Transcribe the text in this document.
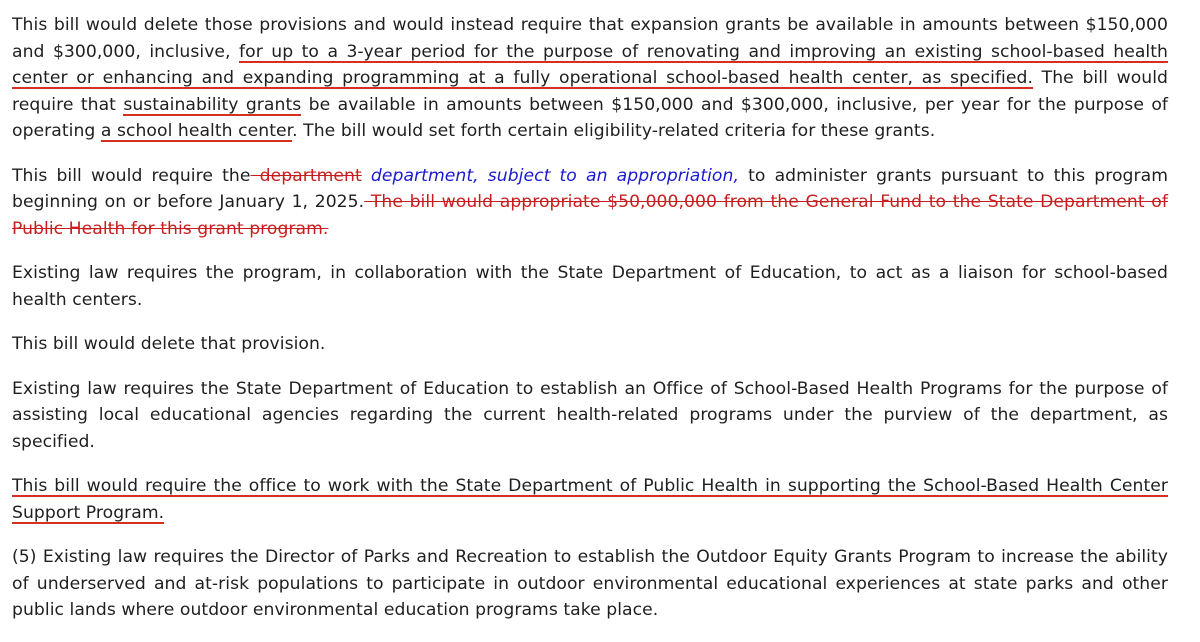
This bill would delete those provisions and would instead require that expansion grants be available in amounts between $150,000 and $300,000, inclusive, for up to a 3-year period for the purpose of renovating and improving an existing school-based health center or enhancing and expanding programming at a fully operational school-based health center, as specified. The bill would require that sustainability grants be available in amounts between $150,000 and $300,000, inclusive, per year for the purpose of operating a school health center. The bill would set forth certain eligibility-related criteria for these grants.

This bill would require the department department, subject to an appropriation, to administer grants pursuant to this program beginning on or before January 1, 2025. The bill would appropriate $50,000,000 from the General Fund to the State Department of Public Health for this grant program.

Existing law requires the program, in collaboration with the State Department of Education, to act as a liaison for school-based health centers.

This bill would delete that provision.

Existing law requires the State Department of Education to establish an Office of School-Based Health Programs for the purpose of assisting local educational agencies regarding the current health-related programs under the purview of the department, as specified.

This bill would require the office to work with the State Department of Public Health in supporting the School-Based Health Center Support Program.

(5) Existing law requires the Director of Parks and Recreation to establish the Outdoor Equity Grants Program to increase the ability of underserved and at-risk populations to participate in outdoor environmental educational experiences at state parks and other public lands where outdoor environmental education programs take place.
